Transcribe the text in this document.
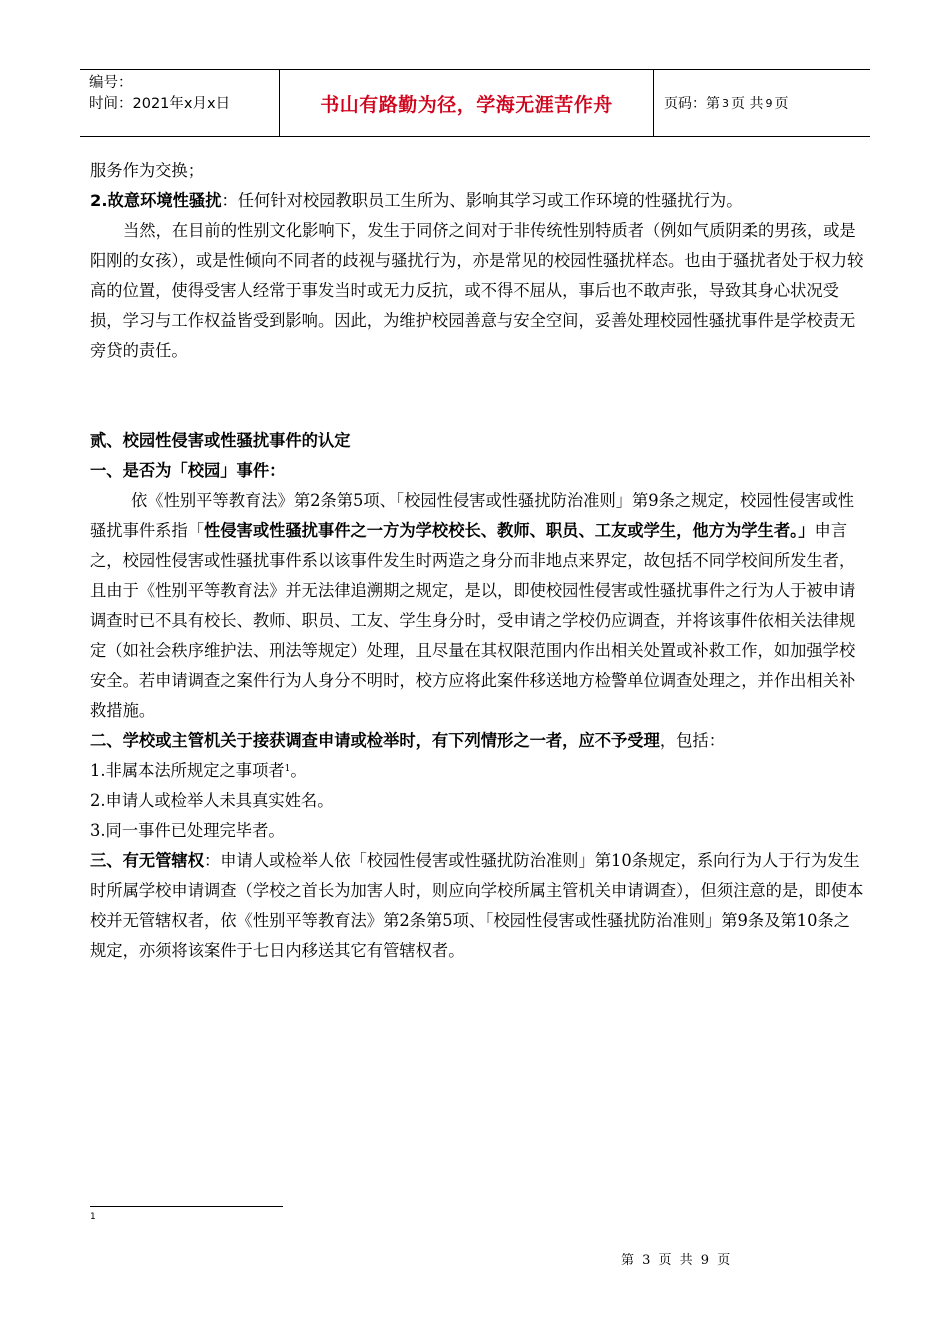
编号：
时间：2021年x月x日	书山有路勤为径，学海无涯苦作舟	页码：第 3 页 共 9 页

服务作为交换；

2.故意环境性骚扰：任何针对校园教职员工生所为、影响其学习或工作环境的性骚扰行为。

当然，在目前的性别文化影响下，发生于同侪之间对于非传统性别特质者（例如气质阴柔的男孩，或是阳刚的女孩），或是性倾向不同者的歧视与骚扰行为，亦是常见的校园性骚扰样态。也由于骚扰者处于权力较高的位置，使得受害人经常于事发当时或无力反抗，或不得不屈从，事后也不敢声张，导致其身心状况受损，学习与工作权益皆受到影响。因此，为维护校园善意与安全空间，妥善处理校园性骚扰事件是学校责无旁贷的责任。

贰、校园性侵害或性骚扰事件的认定

一、是否为「校园」事件：

依《性别平等教育法》第2条第5项、「校园性侵害或性骚扰防治准则」第9条之规定，校园性侵害或性骚扰事件系指「性侵害或性骚扰事件之一方为学校校长、教师、职员、工友或学生，他方为学生者。」申言之，校园性侵害或性骚扰事件系以该事件发生时两造之身分而非地点来界定，故包括不同学校间所发生者，且由于《性别平等教育法》并无法律追溯期之规定，是以，即使校园性侵害或性骚扰事件之行为人于被申请调查时已不具有校长、教师、职员、工友、学生身分时，受申请之学校仍应调查，并将该事件依相关法律规定（如社会秩序维护法、刑法等规定）处理，且尽量在其权限范围内作出相关处置或补救工作，如加强学校安全。若申请调查之案件行为人身分不明时，校方应将此案件移送地方检警单位调查处理之，并作出相关补救措施。

二、学校或主管机关于接获调查申请或检举时，有下列情形之一者，应不予受理，包括：

1.非属本法所规定之事项者$^1$。

2.申请人或检举人未具真实姓名。

3.同一事件已处理完毕者。

三、有无管辖权：申请人或检举人依「校园性侵害或性骚扰防治准则」第10条规定，系向行为人于行为发生时所属学校申请调查（学校之首长为加害人时，则应向学校所属主管机关申请调查），但须注意的是，即使本校并无管辖权者，依《性别平等教育法》第2条第5项、「校园性侵害或性骚扰防治准则」第9条及第10条之规定，亦须将该案件于七日内移送其它有管辖权者。

1
第 3 页 共 9 页
